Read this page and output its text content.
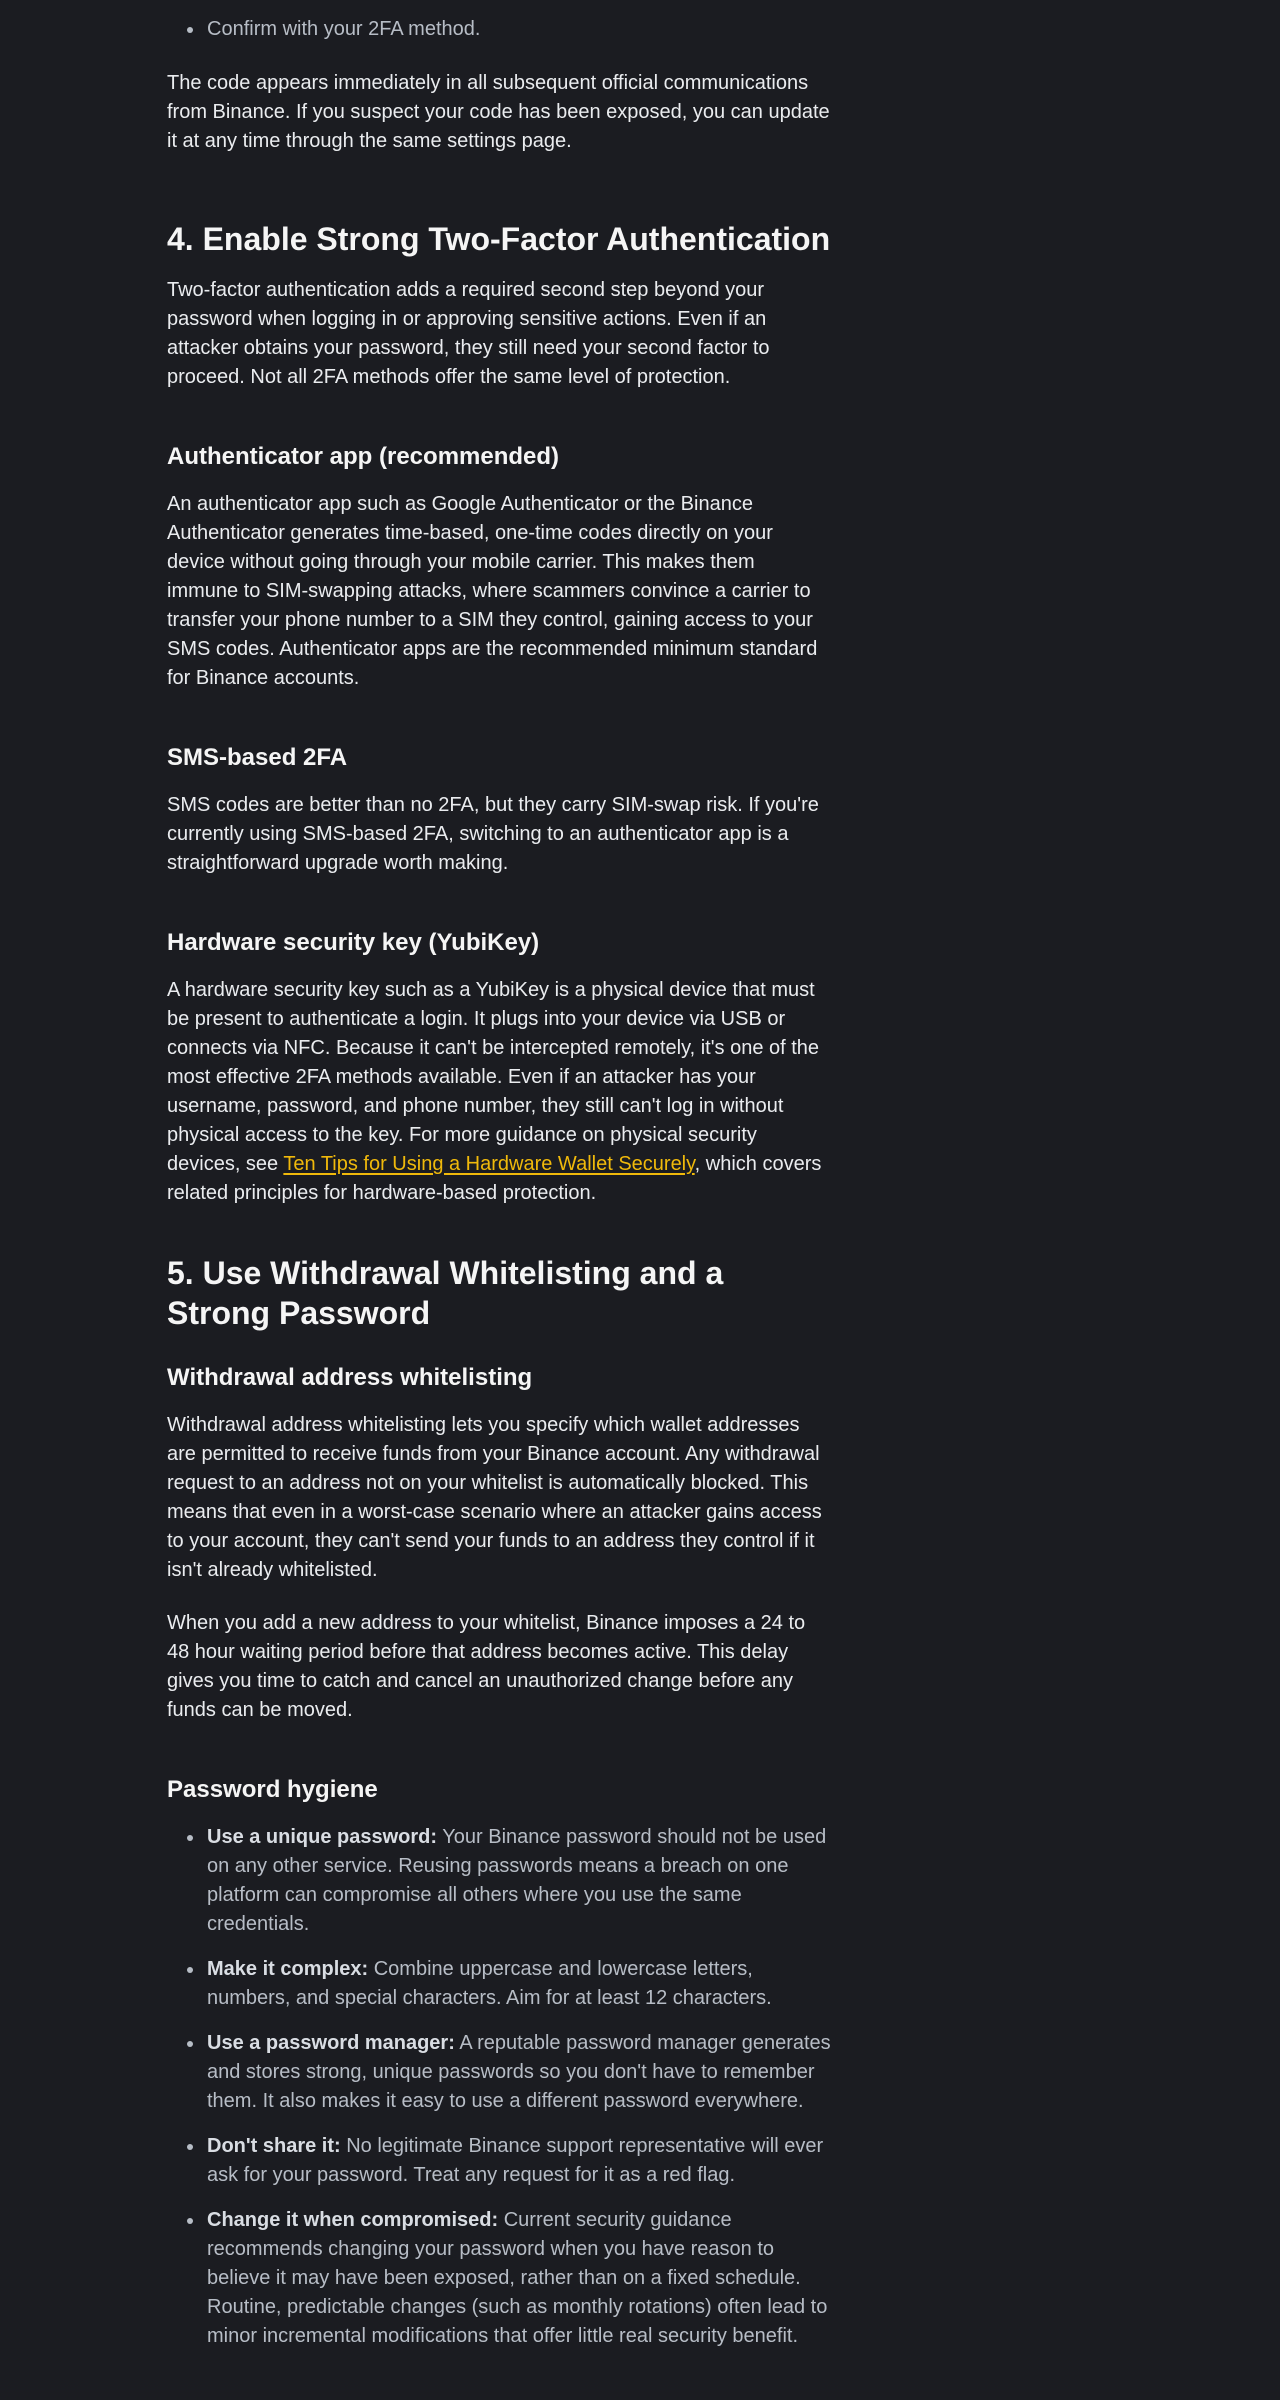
Confirm with your 2FA method.

The code appears immediately in all subsequent official communications from Binance. If you suspect your code has been exposed, you can update it at any time through the same settings page.

4. Enable Strong Two-Factor Authentication

Two-factor authentication adds a required second step beyond your password when logging in or approving sensitive actions. Even if an attacker obtains your password, they still need your second factor to proceed. Not all 2FA methods offer the same level of protection.

Authenticator app (recommended)

An authenticator app such as Google Authenticator or the Binance Authenticator generates time-based, one-time codes directly on your device without going through your mobile carrier. This makes them immune to SIM-swapping attacks, where scammers convince a carrier to transfer your phone number to a SIM they control, gaining access to your SMS codes. Authenticator apps are the recommended minimum standard for Binance accounts.

SMS-based 2FA

SMS codes are better than no 2FA, but they carry SIM-swap risk. If you're currently using SMS-based 2FA, switching to an authenticator app is a straightforward upgrade worth making.

Hardware security key (YubiKey)

A hardware security key such as a YubiKey is a physical device that must be present to authenticate a login. It plugs into your device via USB or connects via NFC. Because it can't be intercepted remotely, it's one of the most effective 2FA methods available. Even if an attacker has your username, password, and phone number, they still can't log in without physical access to the key. For more guidance on physical security devices, see Ten Tips for Using a Hardware Wallet Securely, which covers related principles for hardware-based protection.

5. Use Withdrawal Whitelisting and a Strong Password
Withdrawal address whitelisting

Withdrawal address whitelisting lets you specify which wallet addresses are permitted to receive funds from your Binance account. Any withdrawal request to an address not on your whitelist is automatically blocked. This means that even in a worst-case scenario where an attacker gains access to your account, they can't send your funds to an address they control if it isn't already whitelisted.

When you add a new address to your whitelist, Binance imposes a 24 to 48 hour waiting period before that address becomes active. This delay gives you time to catch and cancel an unauthorized change before any funds can be moved.

Password hygiene
Use a unique password: Your Binance password should not be used on any other service. Reusing passwords means a breach on one platform can compromise all others where you use the same credentials.
Make it complex: Combine uppercase and lowercase letters, numbers, and special characters. Aim for at least 12 characters.
Use a password manager: A reputable password manager generates and stores strong, unique passwords so you don't have to remember them. It also makes it easy to use a different password everywhere.
Don't share it: No legitimate Binance support representative will ever ask for your password. Treat any request for it as a red flag.
Change it when compromised: Current security guidance recommends changing your password when you have reason to believe it may have been exposed, rather than on a fixed schedule. Routine, predictable changes (such as monthly rotations) often lead to minor incremental modifications that offer little real security benefit.
